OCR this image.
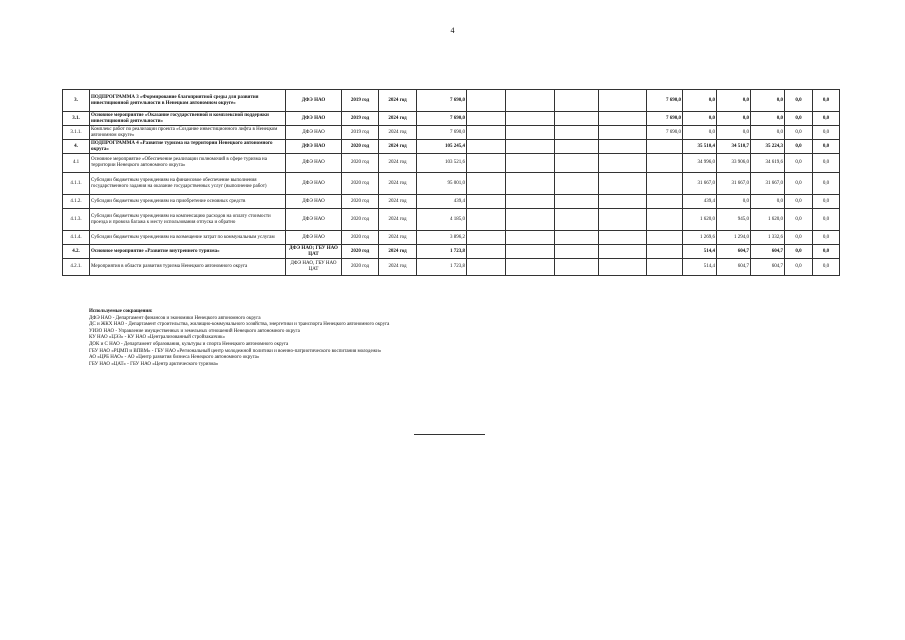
4
3.	ПОДПРОГРАММА 3 «Формирование благоприятной среды для развития инвестиционной деятельности в Ненецком автономном округе»	ДФЭ НАО	2019 год	2024 год	7 690,0					7 690,0	0,0	0,0	0,0	0,0	0,0
3.1.	Основное мероприятие «Оказание государственной и комплексной поддержки инвестиционной деятельности»	ДФЭ НАО	2019 год	2024 год	7 690,0					7 690,0	0,0	0,0	0,0	0,0	0,0
3.1.1.	Комплекс работ по реализации проекта «Создание инвестиционного лифта в Ненецком автономном округе»	ДФЭ НАО	2019 год	2024 год	7 690,0					7 690,0	0,0	0,0	0,0	0,0	0,0
4.	ПОДПРОГРАММА 4 «Развитие туризма на территории Ненецкого автономного округа»	ДФЭ НАО	2020 год	2024 год	105 245,4						35 510,4	34 510,7	35 224,3	0,0	0,0
4.1	Основное мероприятие «Обеспечение реализации полномочий в сфере туризма на территории Ненецкого автономного округа»	ДФЭ НАО	2020 год	2024 год	103 521,6						34 996,0	33 906,0	34 619,6	0,0	0,0
4.1.1.	Субсидии бюджетным учреждениям на финансовое обеспечение выполнения государственного задания на оказание государственных услуг (выполнение работ)	ДФЭ НАО	2020 год	2024 год	95 001,0						31 667,0	31 667,0	31 667,0	0,0	0,0
4.1.2.	Субсидии бюджетным учреждениям на приобретение основных средств	ДФЭ НАО	2020 год	2024 год	439,4						439,4	0,0	0,0	0,0	0,0
4.1.3.	Субсидии бюджетным учреждениям на компенсацию расходов на оплату стоимости проезда и провоза багажа к месту использования отпуска и обратно	ДФЭ НАО	2020 год	2024 год	4 185,0						1 620,0	945,0	1 620,0	0,0	0,0
4.1.4.	Субсидии бюджетным учреждениям на возмещение затрат по коммунальным услугам	ДФЭ НАО	2020 год	2024 год	3 896,2						1 269,6	1 294,0	1 332,6	0,0	0,0
4.2.	Основное мероприятие «Развитие внутреннего туризма»	ДФЭ НАО; ГБУ НАО ЦАТ	2020 год	2024 год	1 723,8						514,4	604,7	604,7	0,0	0,0
4.2.1.	Мероприятия в области развития туризма Ненецкого автономного округа	ДФЭ НАО, ГБУ НАО ЦАТ	2020 год	2024 год	1 723,8						514,4	604,7	604,7	0,0	0,0
Используемые сокращения:
ДФЭ НАО - Департамент финансов и экономики Ненецкого автономного округа
ДС и ЖКХ НАО - Департамент строительства, жилищно-коммунального хозяйства, энергетики и транспорта Ненецкого автономного округа
УИЗО НАО - Управление имущественных и земельных отношений Ненецкого автономного округа
КУ НАО «ЦЭЗ» - КУ НАО «Централизованный стройзаказчик»
ДОК и С НАО - Департамент образования, культуры и спорта Ненецкого автономного округа
ГБУ НАО «РЦМП и ВПВМ» - ГБУ НАО «Региональный центр молодежной политики и военно-патриотического воспитания молодежи»
АО «ЦРБ НАО» - АО «Центр развития бизнеса Ненецкого автономного округа»
ГБУ НАО «ЦАТ» - ГБУ НАО «Центр арктического туризма»
